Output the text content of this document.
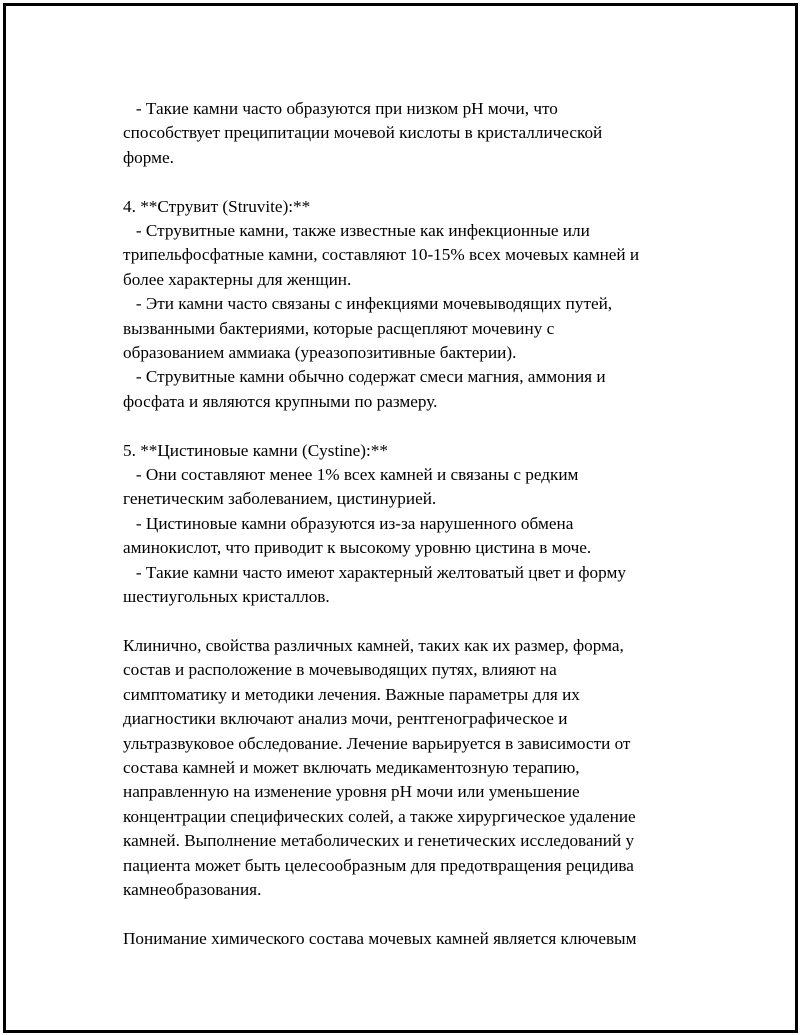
- Такие камни часто образуются при низком pH мочи, что

способствует преципитации мочевой кислоты в кристаллической

форме.

4. **Струвит (Struvite):**

- Струвитные камни, также известные как инфекционные или

трипельфосфатные камни, составляют 10-15% всех мочевых камней и

более характерны для женщин.

- Эти камни часто связаны с инфекциями мочевыводящих путей,

вызванными бактериями, которые расщепляют мочевину с

образованием аммиака (уреазопозитивные бактерии).

- Струвитные камни обычно содержат смеси магния, аммония и

фосфата и являются крупными по размеру.

5. **Цистиновые камни (Cystine):**

- Они составляют менее 1% всех камней и связаны с редким

генетическим заболеванием, цистинурией.

- Цистиновые камни образуются из-за нарушенного обмена

аминокислот, что приводит к высокому уровню цистина в моче.

- Такие камни часто имеют характерный желтоватый цвет и форму

шестиугольных кристаллов.

Клинично, свойства различных камней, таких как их размер, форма,

состав и расположение в мочевыводящих путях, влияют на

симптоматику и методики лечения. Важные параметры для их

диагностики включают анализ мочи, рентгенографическое и

ультразвуковое обследование. Лечение варьируется в зависимости от

состава камней и может включать медикаментозную терапию,

направленную на изменение уровня pH мочи или уменьшение

концентрации специфических солей, а также хирургическое удаление

камней. Выполнение метаболических и генетических исследований у

пациента может быть целесообразным для предотвращения рецидива

камнеобразования.

Понимание химического состава мочевых камней является ключевым
